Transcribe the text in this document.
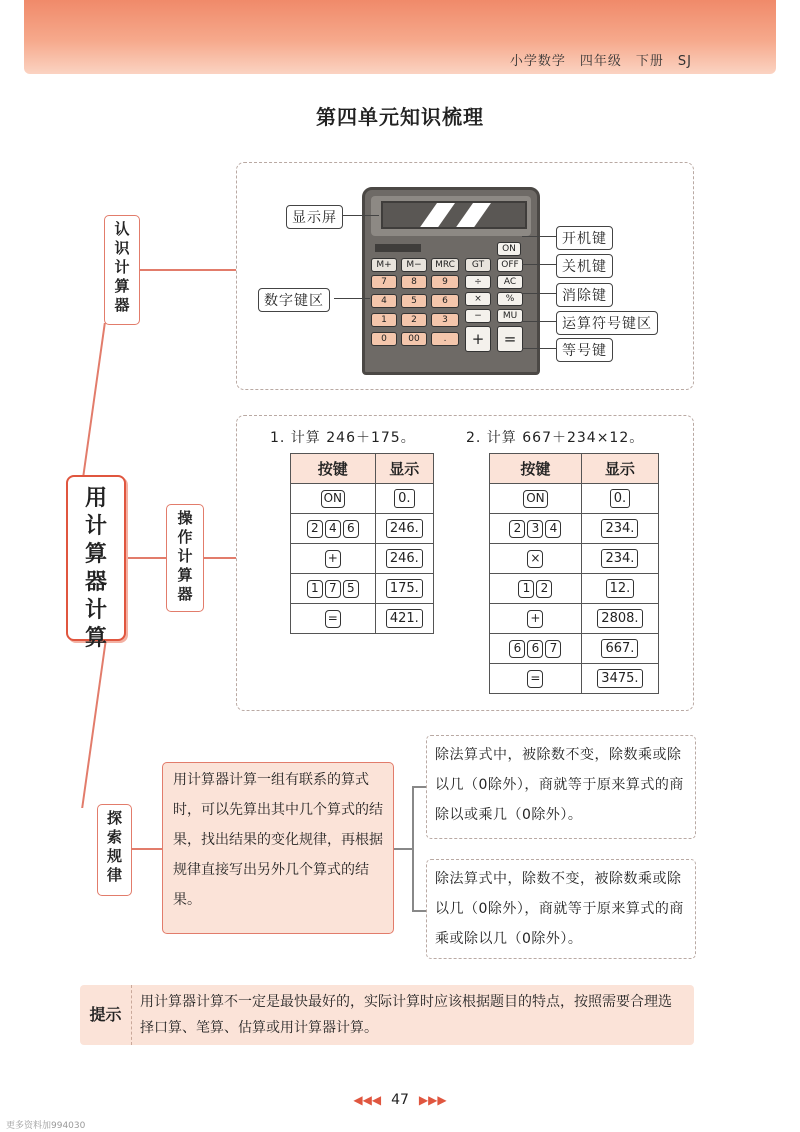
小学数学　四年级　下册　SJ
第四单元知识梳理
用
计
算
器
计
算
认
识
计
算
器
M+	M−	MRC	GT
ON
OFF
÷	AC
×	%
−	MU
+	=
7	8	9
4	5	6
1	2	3
0	00	.
显示屏
数字键区
开机键
关机键
消除键
运算符号键区
等号键
操
作
计
算
器
1. 计算 246＋175。	2. 计算 667＋234×12。
按键	显示
ON	0.
2 4 6	246.
+	246.
1 7 5	175.
=	421.
按键	显示
ON	0.
2 3 4	234.
×	234.
1 2	12.
+	2808.
6 6 7	667.
=	3475.
探
索
规
律
用计算器计算一组有联系的算式时，可以先算出其中几个算式的结果，找出结果的变化规律，再根据规律直接写出另外几个算式的结果。
除法算式中，被除数不变，除数乘或除以几（0除外），商就等于原来算式的商除以或乘几（0除外）。
除法算式中，除数不变，被除数乘或除以几（0除外），商就等于原来算式的商乘或除以几（0除外）。
提示
用计算器计算不一定是最快最好的，实际计算时应该根据题目的特点，按照需要合理选择口算、笔算、估算或用计算器计算。
◀◀◀ 47 ▶▶▶
更多资料加994030
